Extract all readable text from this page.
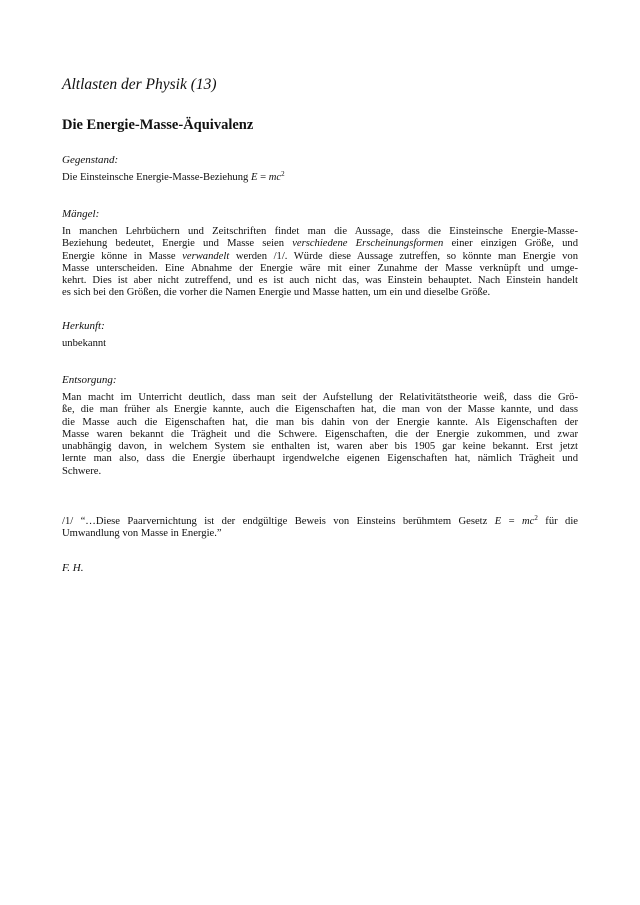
Altlasten der Physik (13)
Die Energie-Masse-Äquivalenz
Gegenstand:
Die Einsteinsche Energie-Masse-Beziehung $E = mc^2$
Mängel:
In manchen Lehrbüchern und Zeitschriften findet man die Aussage, dass die Einsteinsche Energie-Masse-
Beziehung bedeutet, Energie und Masse seien verschiedene Erscheinungsformen einer einzigen Größe, und
Energie könne in Masse verwandelt werden /1/. Würde diese Aussage zutreffen, so könnte man Energie von
Masse unterscheiden. Eine Abnahme der Energie wäre mit einer Zunahme der Masse verknüpft und umge-
kehrt. Dies ist aber nicht zutreffend, und es ist auch nicht das, was Einstein behauptet. Nach Einstein handelt
es sich bei den Größen, die vorher die Namen Energie und Masse hatten, um ein und dieselbe Größe.
Herkunft:
unbekannt
Entsorgung:
Man macht im Unterricht deutlich, dass man seit der Aufstellung der Relativitätstheorie weiß, dass die Grö-
ße, die man früher als Energie kannte, auch die Eigenschaften hat, die man von der Masse kannte, und dass
die Masse auch die Eigenschaften hat, die man bis dahin von der Energie kannte. Als Eigenschaften der
Masse waren bekannt die Trägheit und die Schwere. Eigenschaften, die der Energie zukommen, und zwar
unabhängig davon, in welchem System sie enthalten ist, waren aber bis 1905 gar keine bekannt. Erst jetzt
lernte man also, dass die Energie überhaupt irgendwelche eigenen Eigenschaften hat, nämlich Trägheit und
Schwere.
/1/ “…Diese Paarvernichtung ist der endgültige Beweis von Einsteins berühmtem Gesetz $E = mc^2$ für die
Umwandlung von Masse in Energie.”
F. H.
